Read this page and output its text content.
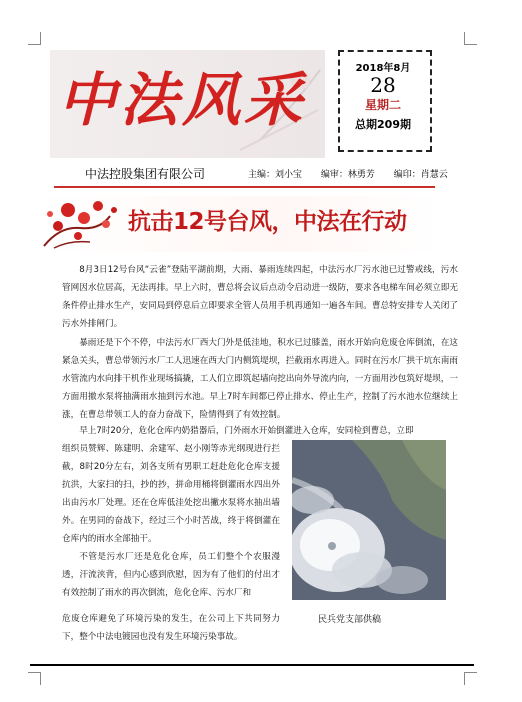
中法风采	2018年8月
28
星期二
总期209期
中法控股集团有限公司	主编：刘小宝 编审：林勇芳 编印：肖慧云
抗击12号台风，中法在行动
8月3日12号台风“云雀”登陆平湖前期，大雨、暴雨连续四起，中法污水厂污水池已过警戒线，污水管网因水位居高，无法再排。早上六时，曹总将会议后点动令启动进一级防，要求各电梯车间必须立即无条件停止排水生产，安同局到停息后立即要求全管人员用手机再通知一遍各车间。曹总特安排专人关闭了污水外排闸门。
暴雨还是下个不停，中法污水厂西大门外是低洼地，积水已过膝盖，雨水开始向危废仓库倒流，在这紧急关头，曹总带领污水厂工人迅速在西大门内侧筑堤坝，拦截雨水再进入。同时在污水厂拱干坑东南雨水管流内水向排干机作业现场搞撬，工人们立即筑起墙向挖出向外导流内向，一方面用沙包筑好堤坝，一方面用撤水泵将抽满雨水抽到污水池。早上7时车间都已停止排水、停止生产，控制了污水池水位继续上涨，在曹总带领工人的奋力奋战下，险情得到了有效控制。
早上7时20分，危化仓库内奶猎器后，门外雨水开始倒灌进入仓库，安同检到曹总，立即
组织员赞辉、陈建明、余建军、赵小刚等赤光纲现进行拦截，8时20分左右，刘各支所有男职工赶赴危化仓库支援抗洪，大家扫的扫，抄的抄，拼命用桶将倒灌雨水四出外出由污水厂处理。还在仓库低洼处挖出撇水泵将水抽出墙外。在男同的奋战下，经过三个小时苦战，终于将倒灌在仓库内的雨水全部抽干。
不管是污水厂还是危化仓库，员工们整个个农服漫透，汗流浃背，但内心感到欣慰，因为有了他们的付出才有效控制了雨水的再次倒流，危化仓库、污水厂和
危废仓库避免了环境污染的发生，在公司上下共同努力下，整个中法电镀园也没有发生环境污染事故。
民兵党支部供稿
